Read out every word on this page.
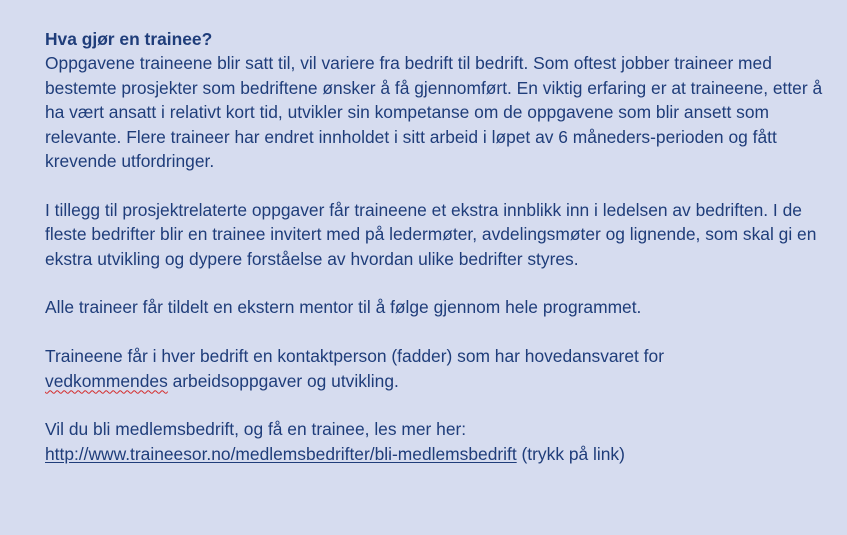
Hva gjør en trainee?

Oppgavene traineene blir satt til, vil variere fra bedrift til bedrift. Som oftest jobber traineer med bestemte prosjekter som bedriftene ønsker å få gjennomført. En viktig erfaring er at traineene, etter å ha vært ansatt i relativt kort tid, utvikler sin kompetanse om de oppgavene som blir ansett som relevante. Flere traineer har endret innholdet i sitt arbeid i løpet av 6 måneders-perioden og fått krevende utfordringer.

I tillegg til prosjektrelaterte oppgaver får traineene et ekstra innblikk inn i ledelsen av bedriften. I de fleste bedrifter blir en trainee invitert med på ledermøter, avdelingsmøter og lignende, som skal gi en ekstra utvikling og dypere forståelse av hvordan ulike bedrifter styres.

Alle traineer får tildelt en ekstern mentor til å følge gjennom hele programmet.

Traineene får i hver bedrift en kontaktperson (fadder) som har hovedansvaret for
vedkommendes arbeidsoppgaver og utvikling.

Vil du bli medlemsbedrift, og få en trainee, les mer her:
http://www.traineesor.no/medlemsbedrifter/bli-medlemsbedrift (trykk på link)
